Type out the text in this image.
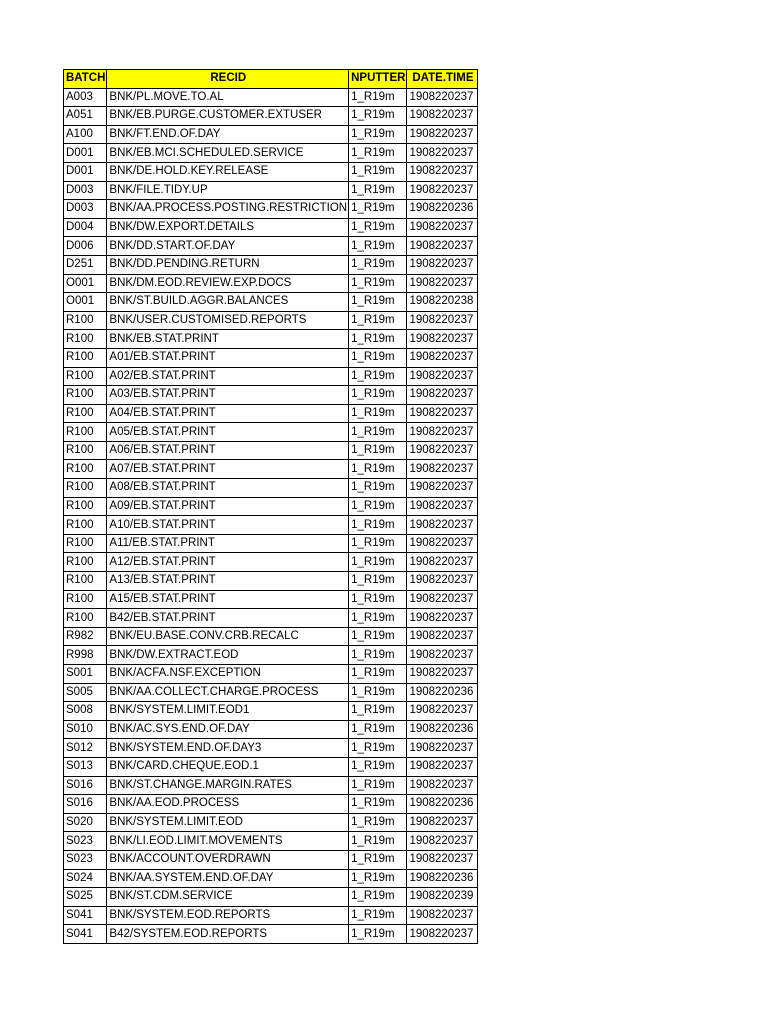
BATCH	RECID	NPUTTER	DATE.TIME
A003	BNK/PL.MOVE.TO.AL	1_R19m	1908220237
A051	BNK/EB.PURGE.CUSTOMER.EXTUSER	1_R19m	1908220237
A100	BNK/FT.END.OF.DAY	1_R19m	1908220237
D001	BNK/EB.MCI.SCHEDULED.SERVICE	1_R19m	1908220237
D001	BNK/DE.HOLD.KEY.RELEASE	1_R19m	1908220237
D003	BNK/FILE.TIDY.UP	1_R19m	1908220237
D003	BNK/AA.PROCESS.POSTING.RESTRICTION	1_R19m	1908220236
D004	BNK/DW.EXPORT.DETAILS	1_R19m	1908220237
D006	BNK/DD.START.OF.DAY	1_R19m	1908220237
D251	BNK/DD.PENDING.RETURN	1_R19m	1908220237
O001	BNK/DM.EOD.REVIEW.EXP.DOCS	1_R19m	1908220237
O001	BNK/ST.BUILD.AGGR.BALANCES	1_R19m	1908220238
R100	BNK/USER.CUSTOMISED.REPORTS	1_R19m	1908220237
R100	BNK/EB.STAT.PRINT	1_R19m	1908220237
R100	A01/EB.STAT.PRINT	1_R19m	1908220237
R100	A02/EB.STAT.PRINT	1_R19m	1908220237
R100	A03/EB.STAT.PRINT	1_R19m	1908220237
R100	A04/EB.STAT.PRINT	1_R19m	1908220237
R100	A05/EB.STAT.PRINT	1_R19m	1908220237
R100	A06/EB.STAT.PRINT	1_R19m	1908220237
R100	A07/EB.STAT.PRINT	1_R19m	1908220237
R100	A08/EB.STAT.PRINT	1_R19m	1908220237
R100	A09/EB.STAT.PRINT	1_R19m	1908220237
R100	A10/EB.STAT.PRINT	1_R19m	1908220237
R100	A11/EB.STAT.PRINT	1_R19m	1908220237
R100	A12/EB.STAT.PRINT	1_R19m	1908220237
R100	A13/EB.STAT.PRINT	1_R19m	1908220237
R100	A15/EB.STAT.PRINT	1_R19m	1908220237
R100	B42/EB.STAT.PRINT	1_R19m	1908220237
R982	BNK/EU.BASE.CONV.CRB.RECALC	1_R19m	1908220237
R998	BNK/DW.EXTRACT.EOD	1_R19m	1908220237
S001	BNK/ACFA.NSF.EXCEPTION	1_R19m	1908220237
S005	BNK/AA.COLLECT.CHARGE.PROCESS	1_R19m	1908220236
S008	BNK/SYSTEM.LIMIT.EOD1	1_R19m	1908220237
S010	BNK/AC.SYS.END.OF.DAY	1_R19m	1908220236
S012	BNK/SYSTEM.END.OF.DAY3	1_R19m	1908220237
S013	BNK/CARD.CHEQUE.EOD.1	1_R19m	1908220237
S016	BNK/ST.CHANGE.MARGIN.RATES	1_R19m	1908220237
S016	BNK/AA.EOD.PROCESS	1_R19m	1908220236
S020	BNK/SYSTEM.LIMIT.EOD	1_R19m	1908220237
S023	BNK/LI.EOD.LIMIT.MOVEMENTS	1_R19m	1908220237
S023	BNK/ACCOUNT.OVERDRAWN	1_R19m	1908220237
S024	BNK/AA.SYSTEM.END.OF.DAY	1_R19m	1908220236
S025	BNK/ST.CDM.SERVICE	1_R19m	1908220239
S041	BNK/SYSTEM.EOD.REPORTS	1_R19m	1908220237
S041	B42/SYSTEM.EOD.REPORTS	1_R19m	1908220237
